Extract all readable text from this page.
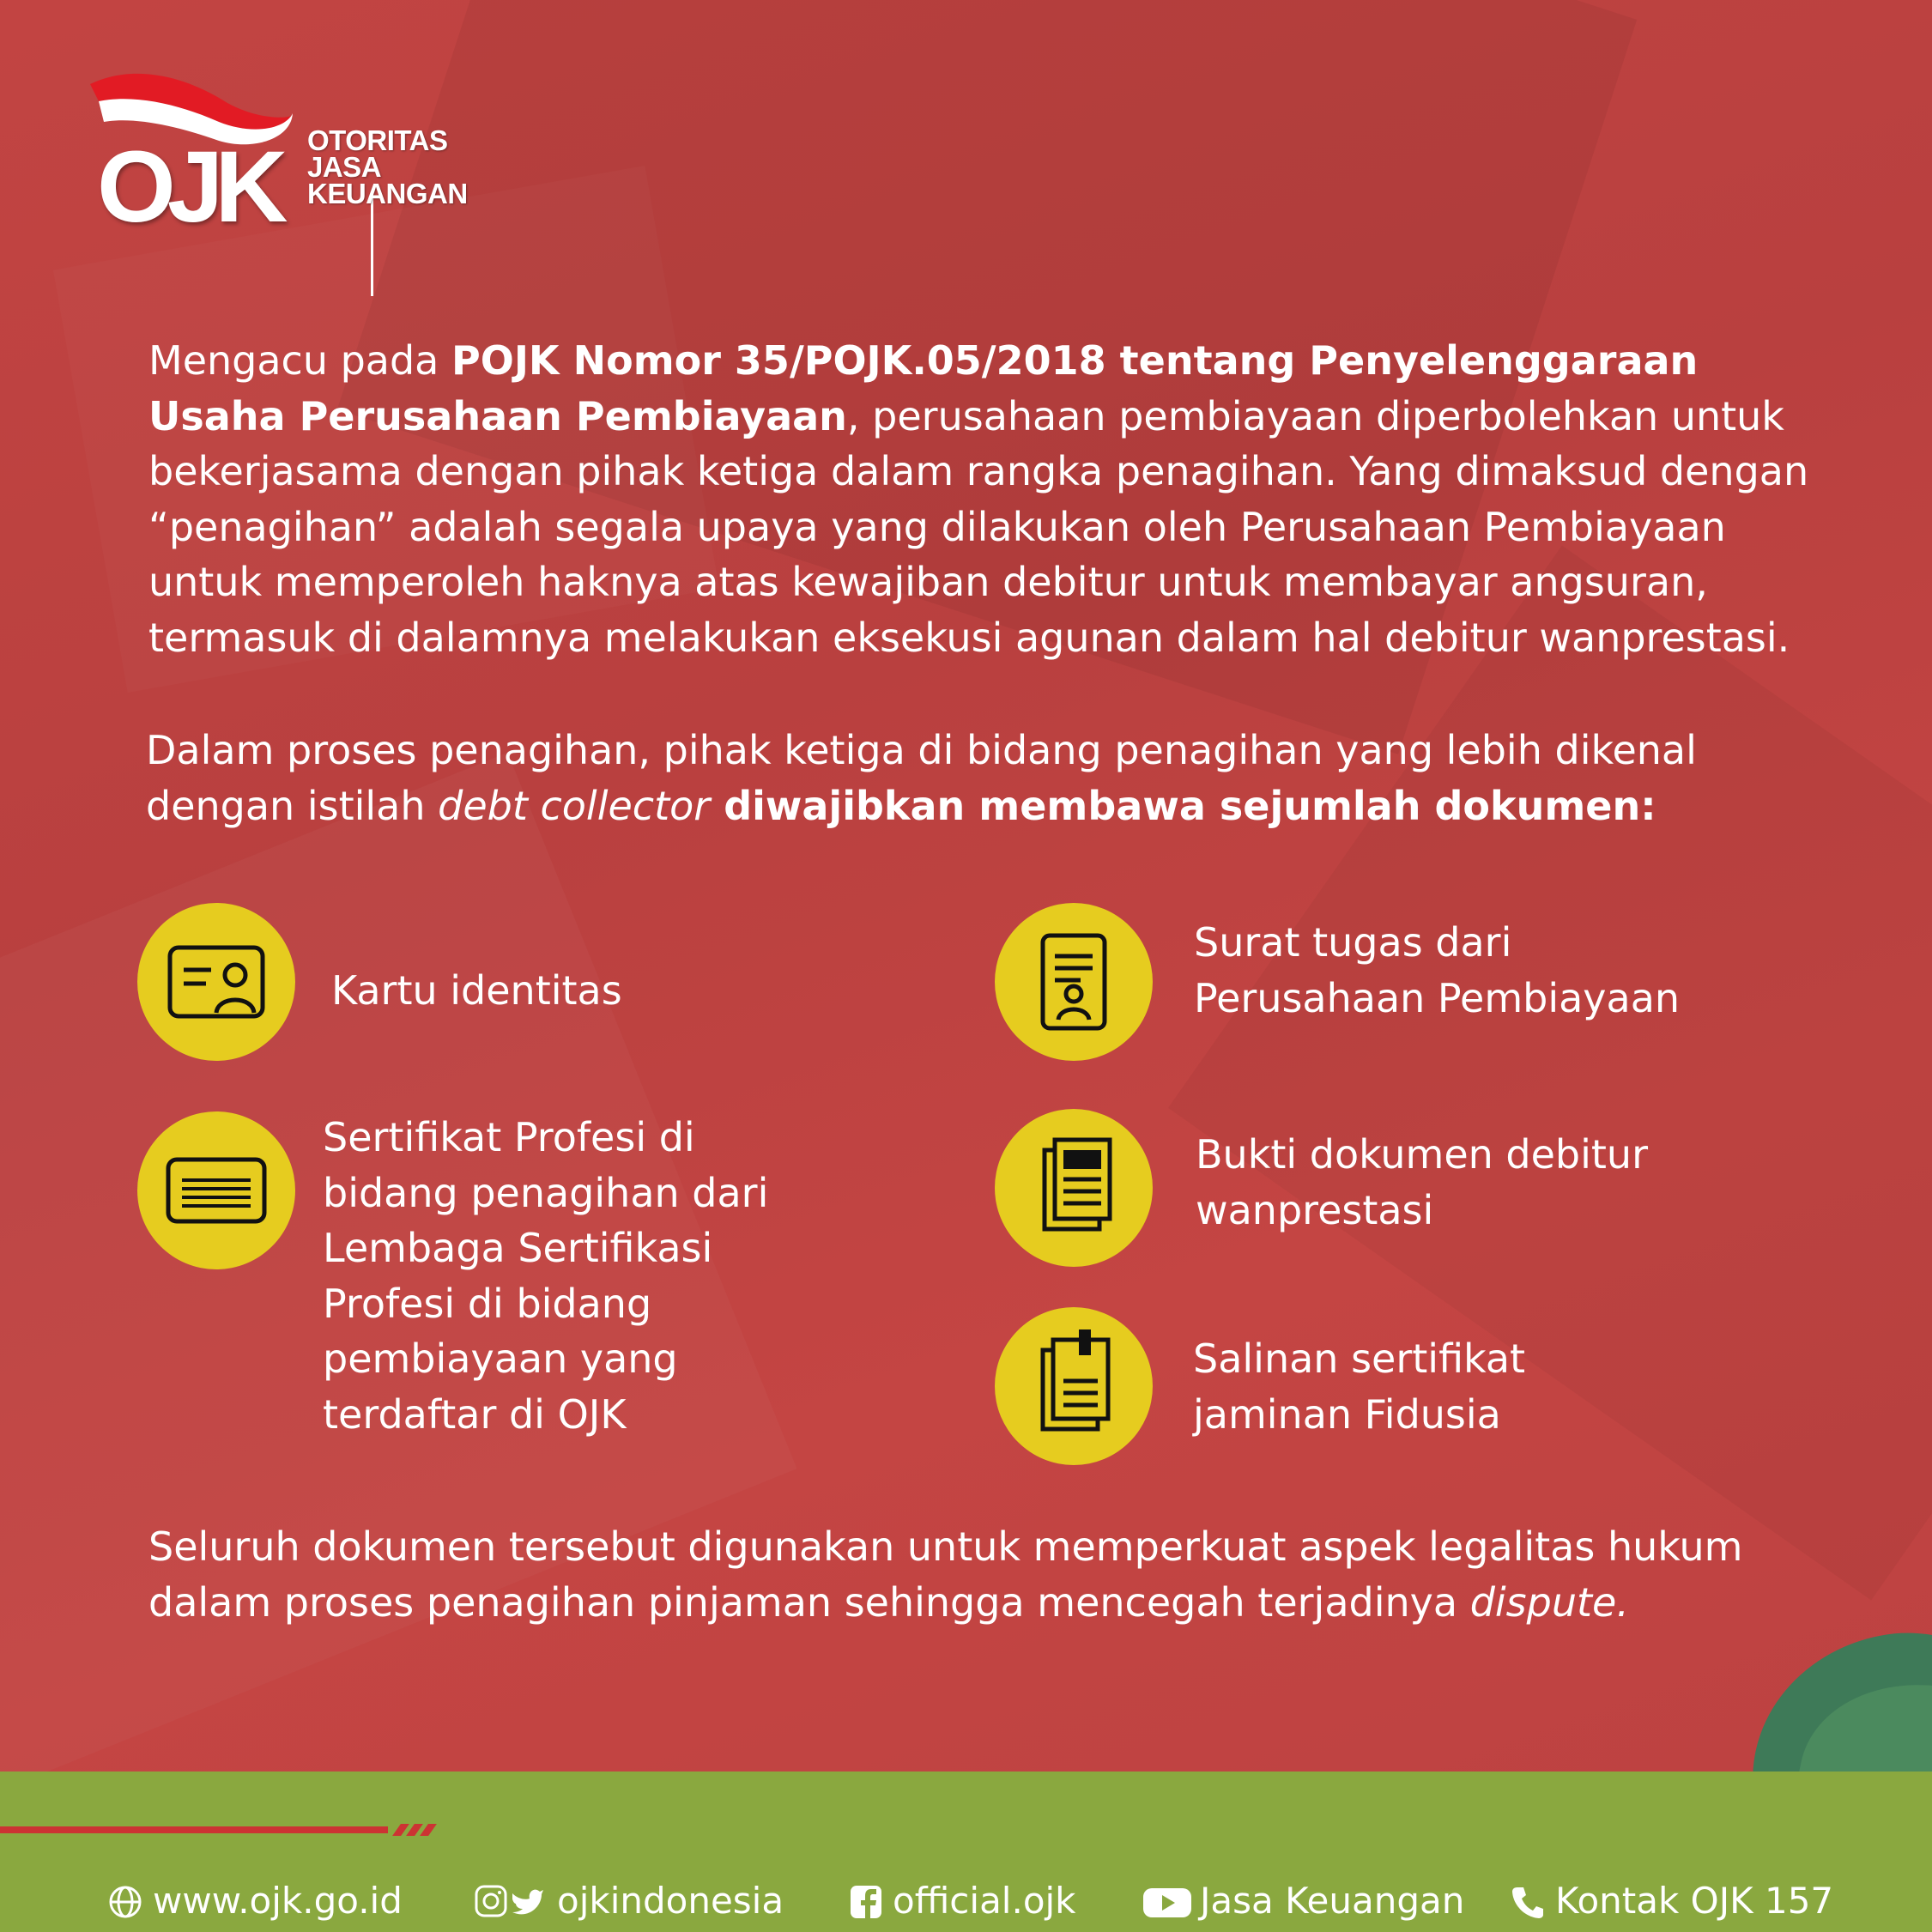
OJK OTORITAS
JASA
KEUANGAN

Mengacu pada POJK Nomor 35/POJK.05/2018 tentang Penyelenggaraan Usaha Perusahaan Pembiayaan, perusahaan pembiayaan diperbolehkan untuk bekerjasama dengan pihak ketiga dalam rangka penagihan. Yang dimaksud dengan “penagihan” adalah segala upaya yang dilakukan oleh Perusahaan Pembiayaan untuk memperoleh haknya atas kewajiban debitur untuk membayar angsuran, termasuk di dalamnya melakukan eksekusi agunan dalam hal debitur wanprestasi.

Dalam proses penagihan, pihak ketiga di bidang penagihan yang lebih dikenal dengan istilah debt collector diwajibkan membawa sejumlah dokumen:

Kartu identitas
Surat tugas dari
Perusahaan Pembiayaan
Sertifikat Profesi di
bidang penagihan dari
Lembaga Sertifikasi
Profesi di bidang
pembiayaan yang
terdaftar di OJK
Bukti dokumen debitur
wanprestasi
Salinan sertifikat
jaminan Fidusia

Seluruh dokumen tersebut digunakan untuk memperkuat aspek legalitas hukum dalam proses penagihan pinjaman sehingga mencegah terjadinya dispute.

www.ojk.go.id	ojkindonesia	official.ojk	Jasa Keuangan	Kontak OJK 157
